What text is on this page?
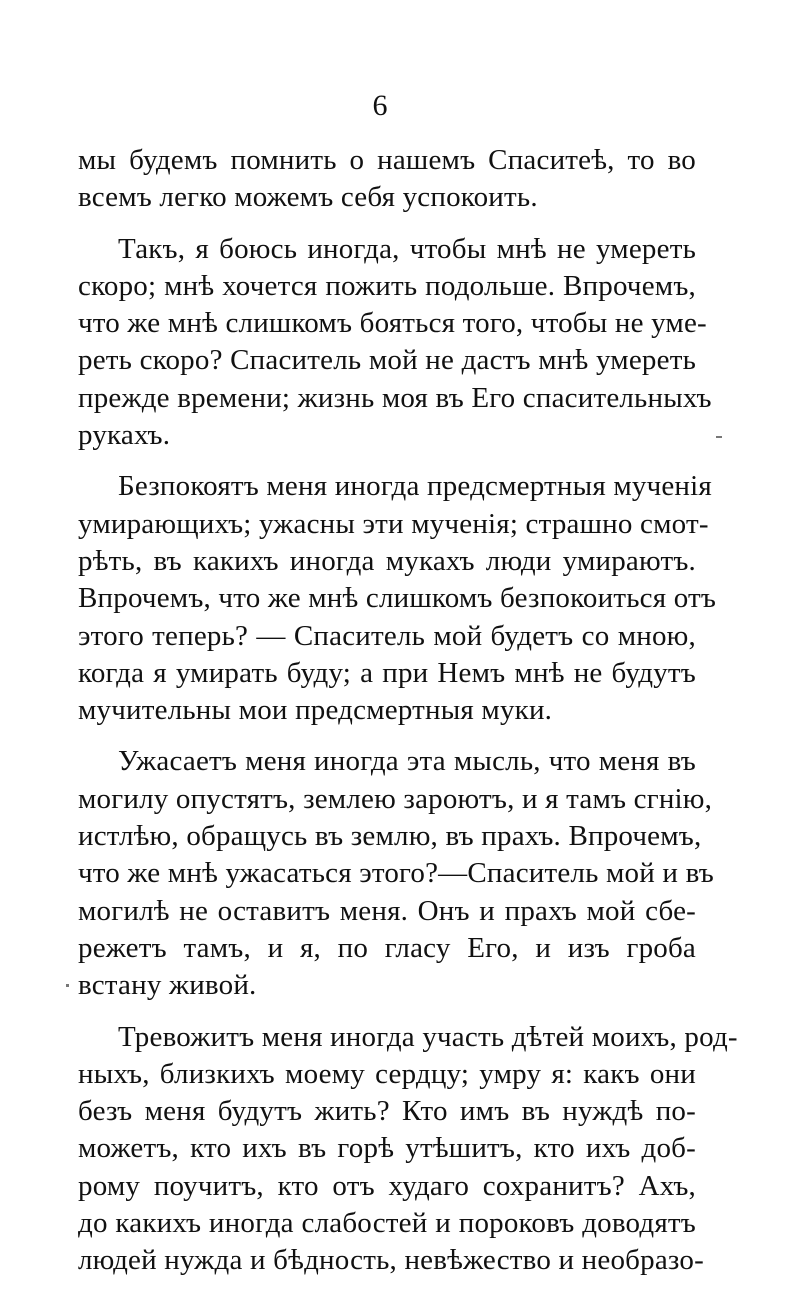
6
мы будемъ помнить о нашемъ Спаситеѣ, то во
всемъ легко можемъ себя успокоить.
Такъ, я боюсь иногда, чтобы мнѣ не умереть
скоро; мнѣ хочется пожить подольше. Впрочемъ,
что же мнѣ слишкомъ бояться того, чтобы не уме-
реть скоро? Спаситель мой не дастъ мнѣ умереть
прежде времени; жизнь моя въ Его спасительныхъ
рукахъ.
Безпокоятъ меня иногда предсмертныя мученія
умирающихъ; ужасны эти мученія; страшно смот-
рѣть, въ какихъ иногда мукахъ люди умираютъ.
Впрочемъ, что же мнѣ слишкомъ безпокоиться отъ
этого теперь? — Спаситель мой будетъ со мною,
когда я умирать буду; а при Немъ мнѣ не будутъ
мучительны мои предсмертныя муки.
Ужасаетъ меня иногда эта мысль, что меня въ
могилу опустятъ, землею зароютъ, и я тамъ сгнію,
истлѣю, обращусь въ землю, въ прахъ. Впрочемъ,
что же мнѣ ужасаться этого?—Спаситель мой и въ
могилѣ не оставитъ меня. Онъ и прахъ мой сбе-
режетъ тамъ, и я, по гласу Его, и изъ гроба
встану живой.
Тревожитъ меня иногда участь дѣтей моихъ, род-
ныхъ, близкихъ моему сердцу; умру я: какъ они
безъ меня будутъ жить? Кто имъ въ нуждѣ по-
можетъ, кто ихъ въ горѣ утѣшитъ, кто ихъ доб-
рому поучитъ, кто отъ худаго сохранитъ? Ахъ,
до какихъ иногда слабостей и пороковъ доводятъ
людей нужда и бѣдность, невѣжество и необразо-
